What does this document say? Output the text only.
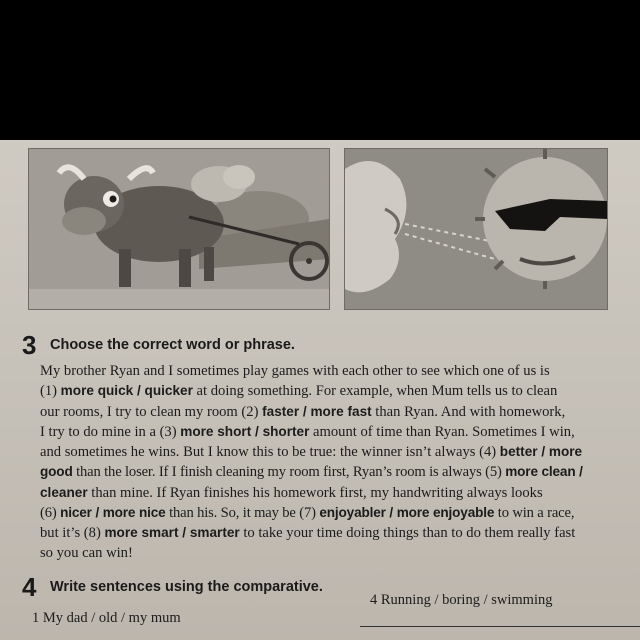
3 Choose the correct word or phrase.
My brother Ryan and I sometimes play games with each other to see which one of us is
(1) more quick / quicker at doing something. For example, when Mum tells us to clean
our rooms, I try to clean my room (2) faster / more fast than Ryan. And with homework,
I try to do mine in a (3) more short / shorter amount of time than Ryan. Sometimes I win,
and sometimes he wins. But I know this to be true: the winner isn’t always (4) better / more
good than the loser. If I finish cleaning my room first, Ryan’s room is always (5) more clean /
cleaner than mine. If Ryan finishes his homework first, my handwriting always looks
(6) nicer / more nice than his. So, it may be (7) enjoyabler / more enjoyable to win a race,
but it’s (8) more smart / smarter to take your time doing things than to do them really fast
so you can win!
4 Write sentences using the comparative.
1 My dad / old / my mum
4 Running / boring / swimming
